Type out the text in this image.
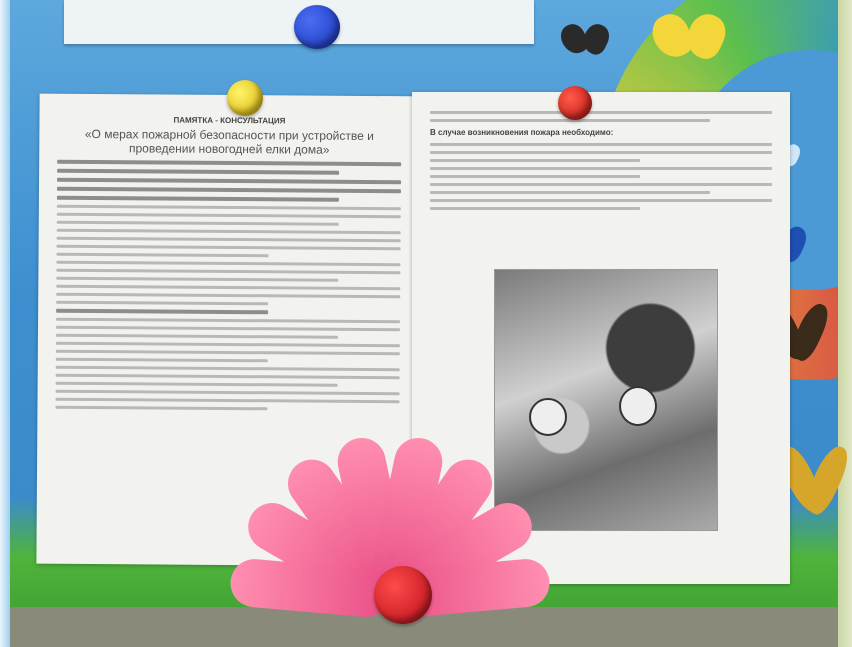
ПАМЯТКА - КОНСУЛЬТАЦИЯ
«О мерах пожарной безопасности при устройстве и проведении новогодней елки дома»
В случае возникновения пожара необходимо:
